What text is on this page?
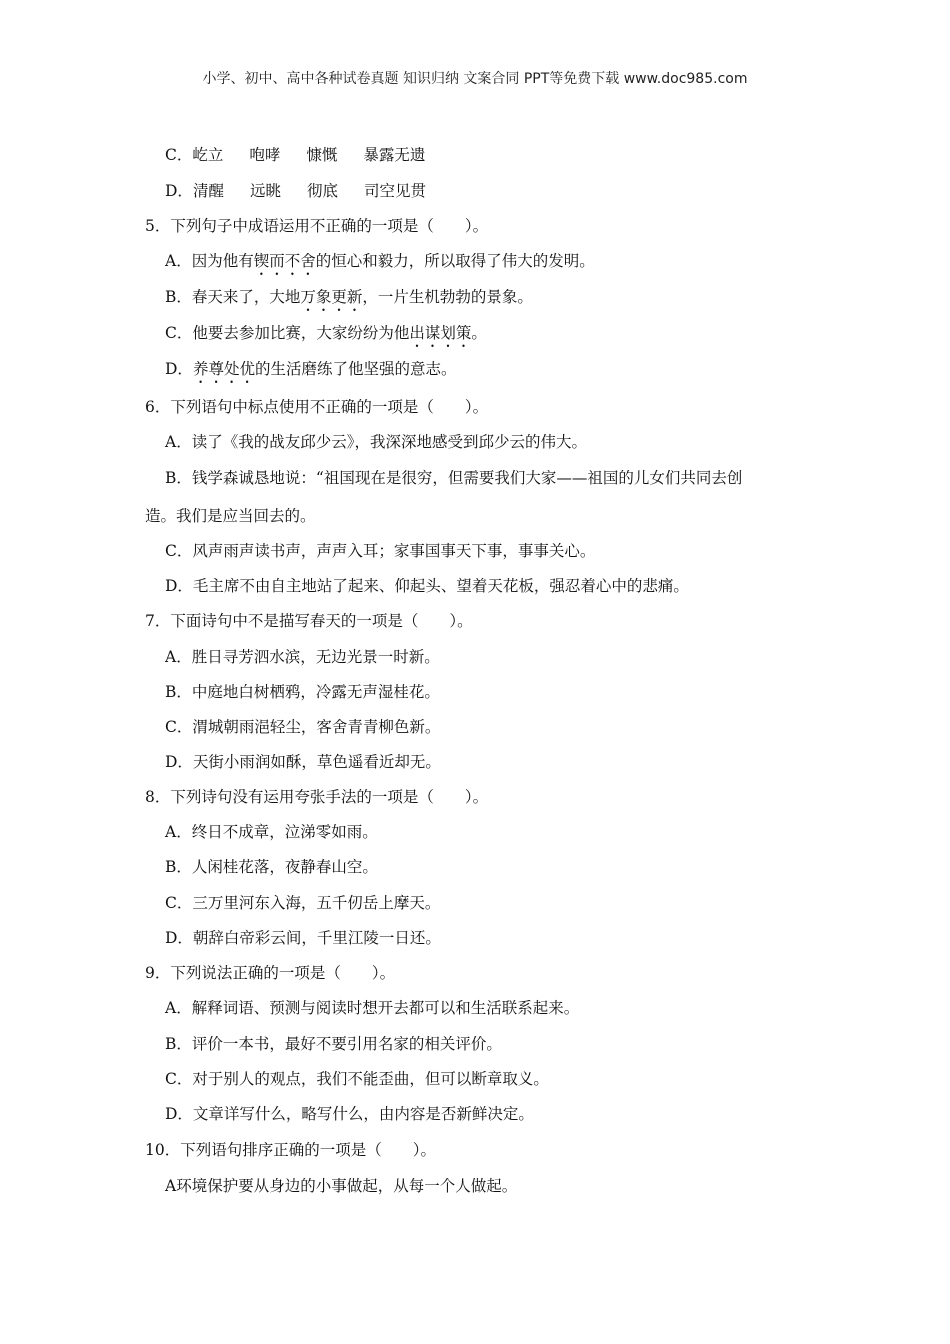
小学、初中、高中各种试卷真题 知识归纳 文案合同 PPT等免费下载 www.doc985.com
C．屹立 咆哮 慷慨 暴露无遗
D．清醒 远眺 彻底 司空见贯
5．下列句子中成语运用不正确的一项是（　　）。
A．因为他有锲而不舍的恒心和毅力，所以取得了伟大的发明。
B．春天来了，大地万象更新，一片生机勃勃的景象。
C．他要去参加比赛，大家纷纷为他出谋划策。
D．养尊处优的生活磨练了他坚强的意志。
6．下列语句中标点使用不正确的一项是（　　）。
A．读了《我的战友邱少云》，我深深地感受到邱少云的伟大。
B．钱学森诚恳地说：“祖国现在是很穷，但需要我们大家——祖国的儿女们共同去创
造。我们是应当回去的。
C．风声雨声读书声，声声入耳；家事国事天下事，事事关心。
D．毛主席不由自主地站了起来、仰起头、望着天花板，强忍着心中的悲痛。
7．下面诗句中不是描写春天的一项是（　　）。
A．胜日寻芳泗水滨，无边光景一时新。
B．中庭地白树栖鸦，冷露无声湿桂花。
C．渭城朝雨浥轻尘，客舍青青柳色新。
D．天街小雨润如酥，草色遥看近却无。
8．下列诗句没有运用夸张手法的一项是（　　）。
A．终日不成章，泣涕零如雨。
B．人闲桂花落，夜静春山空。
C．三万里河东入海，五千仞岳上摩天。
D．朝辞白帝彩云间，千里江陵一日还。
9．下列说法正确的一项是（　　）。
A．解释词语、预测与阅读时想开去都可以和生活联系起来。
B．评价一本书，最好不要引用名家的相关评价。
C．对于别人的观点，我们不能歪曲，但可以断章取义。
D．文章详写什么，略写什么，由内容是否新鲜决定。
10．下列语句排序正确的一项是（　　）。
A环境保护要从身边的小事做起，从每一个人做起。
